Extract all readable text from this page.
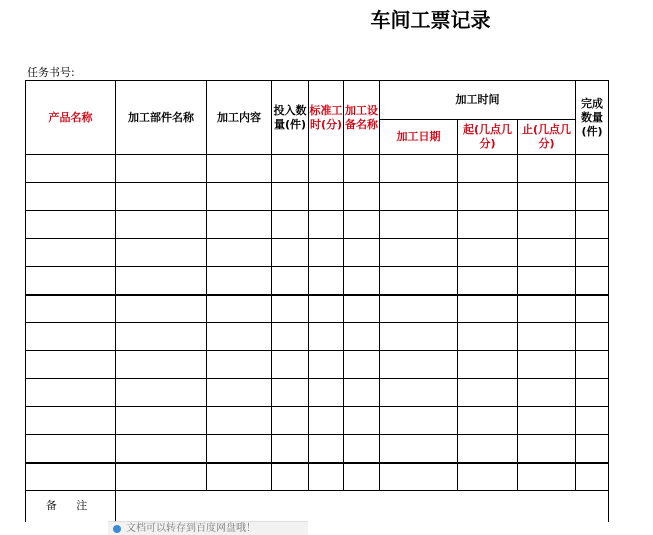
车间工票记录
任务书号:
产品名称	加工部件名称	加工内容	投入数量(件)	标准工时(分)	加工设备名称	加工时间			完成数量(件)
						加工日期	起(几点几分)	止(几点几分)	

备 注									
文档可以转存到百度网盘哦！
